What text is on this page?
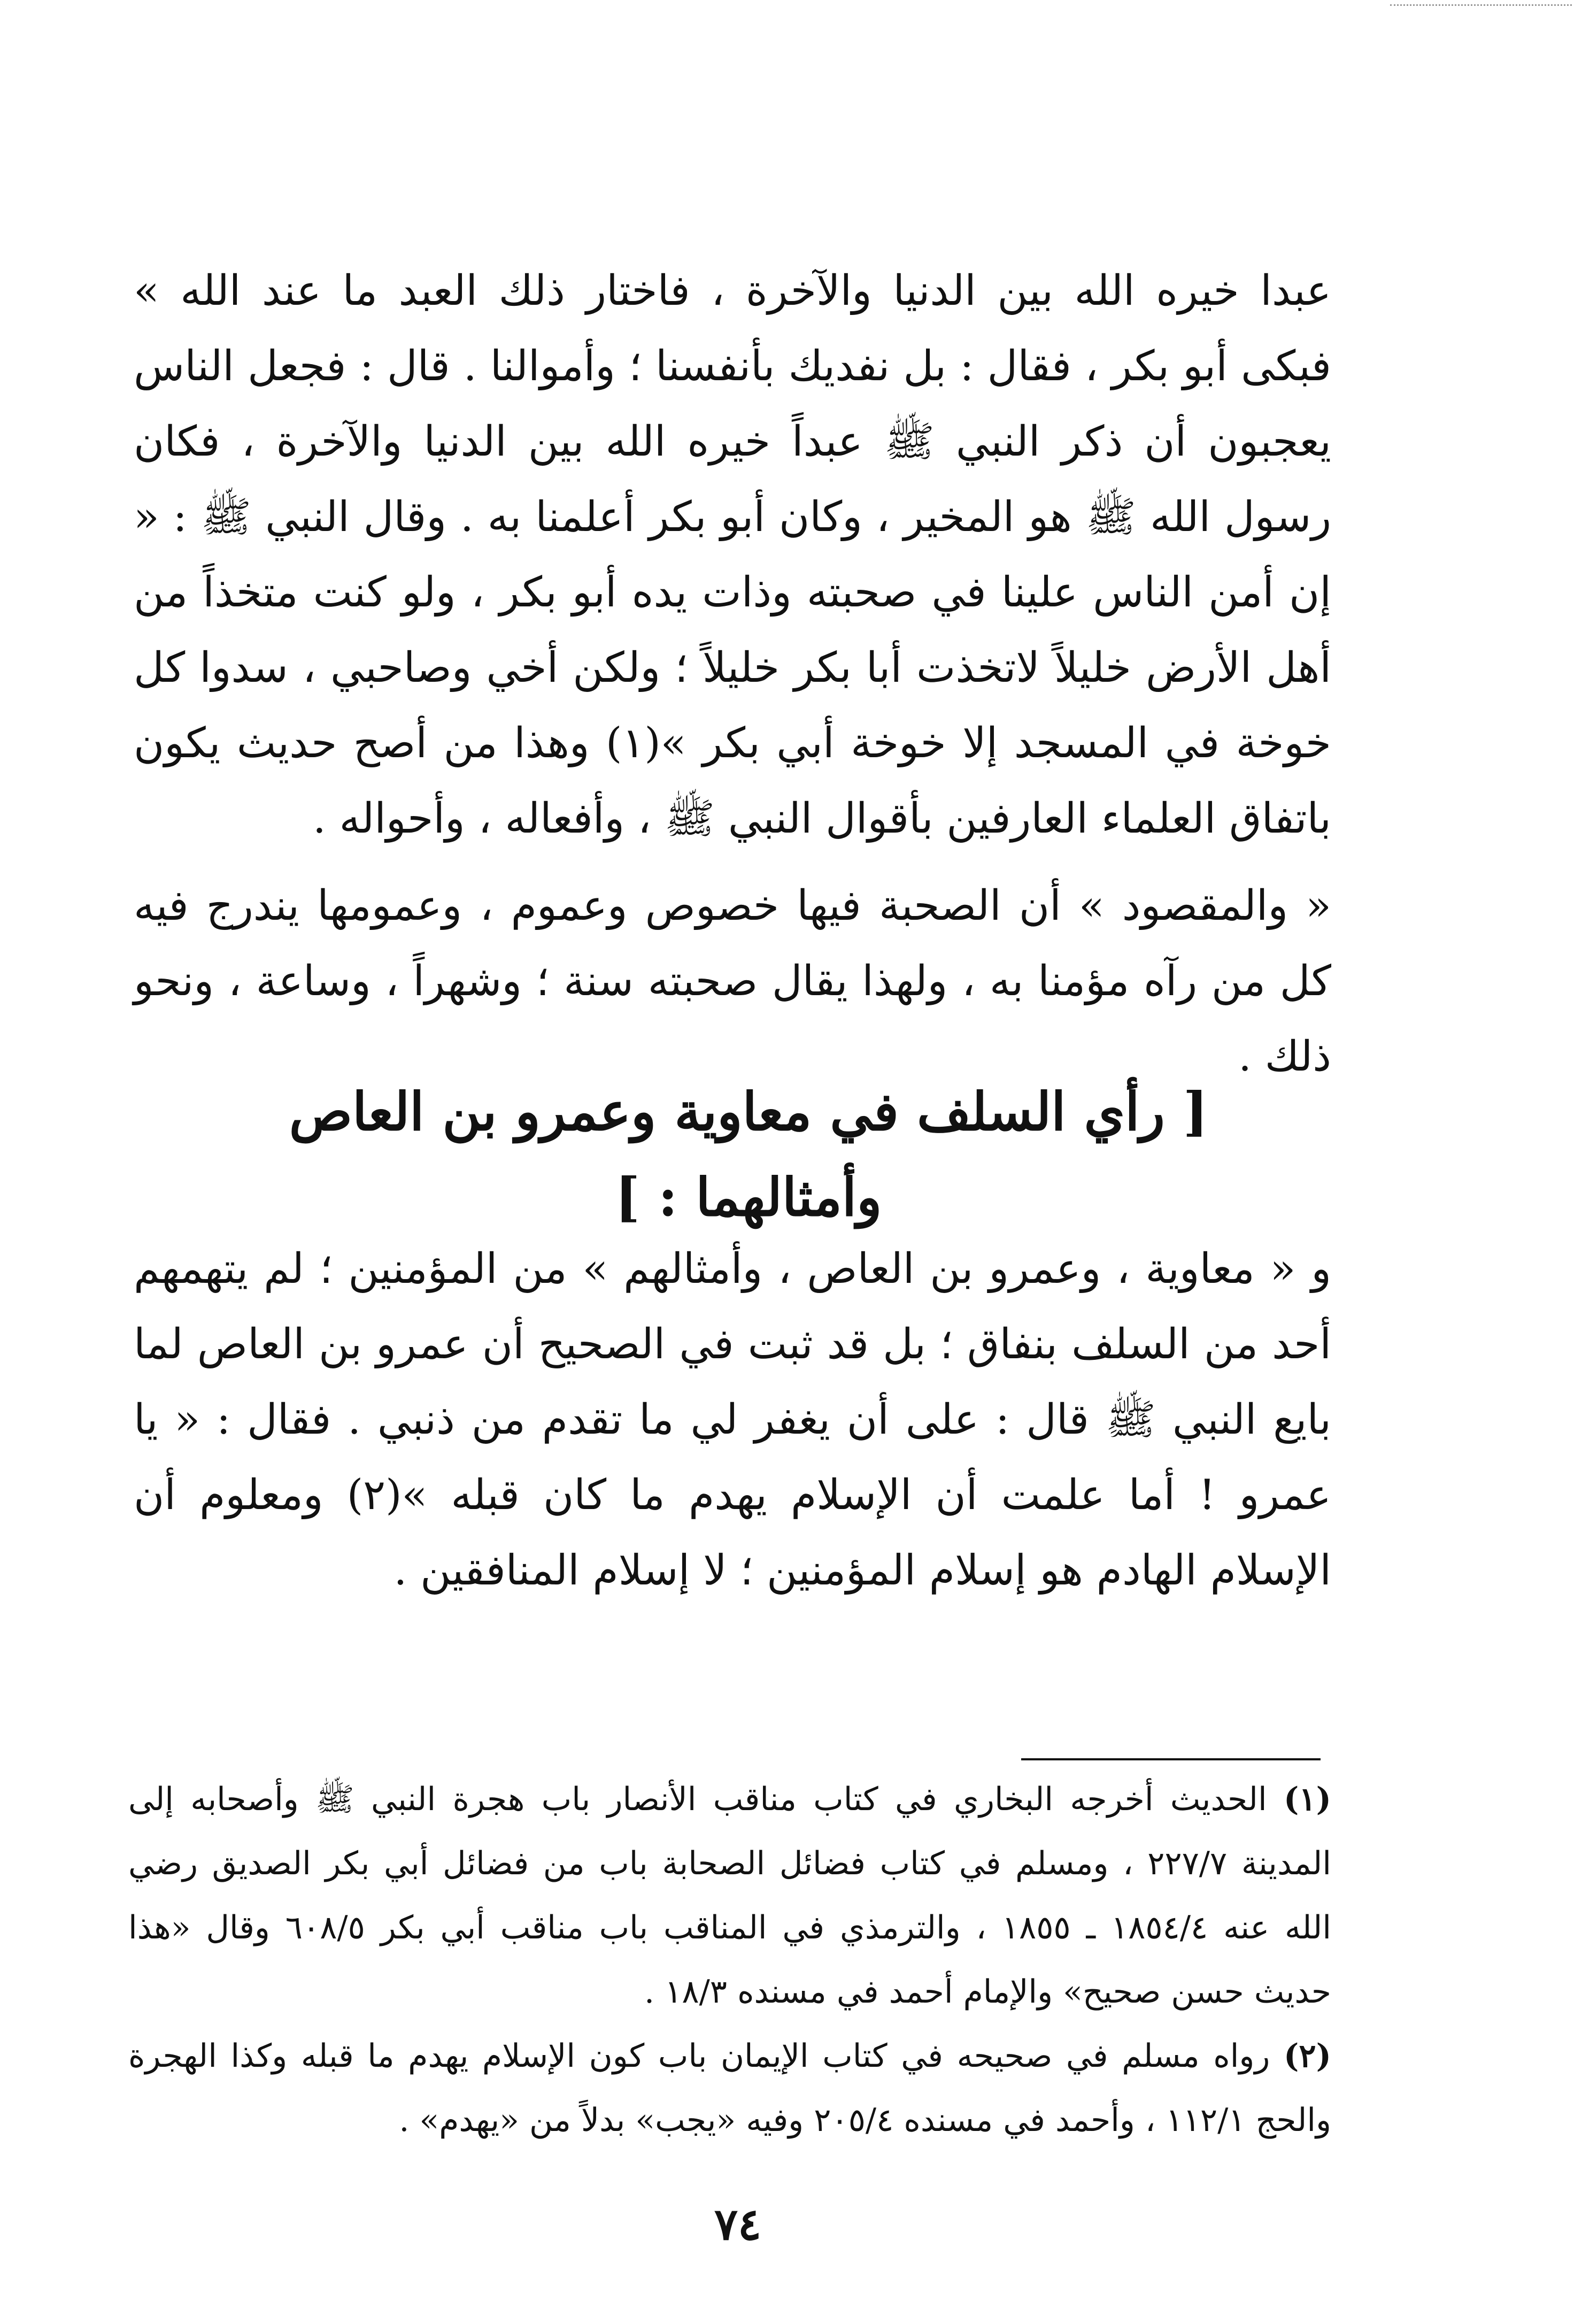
عبدا خيره الله بين الدنيا والآخرة ، فاختار ذلك العبد ما عند الله » فبكى أبو بكر ، فقال : بل نفديك بأنفسنا ؛ وأموالنا . قال : فجعل الناس يعجبون أن ذكر النبي ﷺ عبداً خيره الله بين الدنيا والآخرة ، فكان رسول الله ﷺ هو المخير ، وكان أبو بكر أعلمنا به . وقال النبي ﷺ : « إن أمن الناس علينا في صحبته وذات يده أبو بكر ، ولو كنت متخذاً من أهل الأرض خليلاً لاتخذت أبا بكر خليلاً ؛ ولكن أخي وصاحبي ، سدوا كل خوخة في المسجد إلا خوخة أبي بكر »(١) وهذا من أصح حديث يكون باتفاق العلماء العارفين بأقوال النبي ﷺ ، وأفعاله ، وأحواله .

« والمقصود » أن الصحبة فيها خصوص وعموم ، وعمومها يندرج فيه كل من رآه مؤمنا به ، ولهذا يقال صحبته سنة ؛ وشهراً ، وساعة ، ونحو ذلك .

[ رأي السلف في معاوية وعمرو بن العاص وأمثالهما : ]

و « معاوية ، وعمرو بن العاص ، وأمثالهم » من المؤمنين ؛ لم يتهمهم أحد من السلف بنفاق ؛ بل قد ثبت في الصحيح أن عمرو بن العاص لما بايع النبي ﷺ قال : على أن يغفر لي ما تقدم من ذنبي . فقال : « يا عمرو ! أما علمت أن الإسلام يهدم ما كان قبله »(٢) ومعلوم أن الإسلام الهادم هو إسلام المؤمنين ؛ لا إسلام المنافقين .

(١) الحديث أخرجه البخاري في كتاب مناقب الأنصار باب هجرة النبي ﷺ وأصحابه إلى المدينة ٢٢٧/٧ ، ومسلم في كتاب فضائل الصحابة باب من فضائل أبي بكر الصديق رضي الله عنه ١٨٥٤/٤ ـ ١٨٥٥ ، والترمذي في المناقب باب مناقب أبي بكر ٦٠٨/٥ وقال «هذا حديث حسن صحيح» والإمام أحمد في مسنده ١٨/٣ .
(٢) رواه مسلم في صحيحه في كتاب الإيمان باب كون الإسلام يهدم ما قبله وكذا الهجرة والحج ١١٢/١ ، وأحمد في مسنده ٢٠٥/٤ وفيه «يجب» بدلاً من «يهدم» .
٧٤
